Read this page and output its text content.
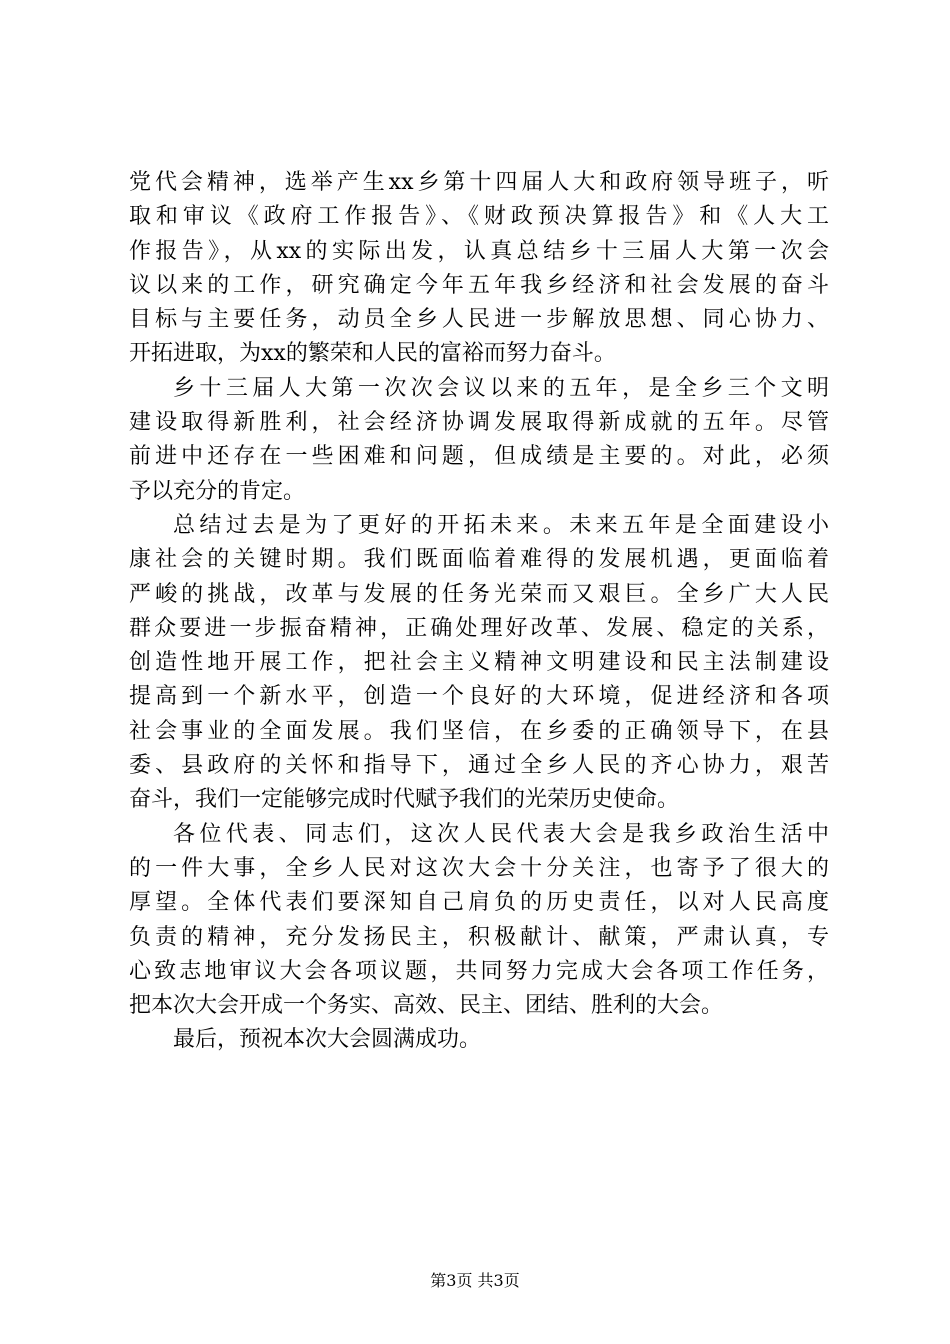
党代会精神，选举产生xx乡第十四届人大和政府领导班子，听
取和审议《政府工作报告》、《财政预决算报告》和《人大工
作报告》，从xx的实际出发，认真总结乡十三届人大第一次会
议以来的工作，研究确定今年五年我乡经济和社会发展的奋斗
目标与主要任务，动员全乡人民进一步解放思想、同心协力、
开拓进取，为xx的繁荣和人民的富裕而努力奋斗。
乡十三届人大第一次次会议以来的五年，是全乡三个文明
建设取得新胜利，社会经济协调发展取得新成就的五年。尽管
前进中还存在一些困难和问题，但成绩是主要的。对此，必须
予以充分的肯定。
总结过去是为了更好的开拓未来。未来五年是全面建设小
康社会的关键时期。我们既面临着难得的发展机遇，更面临着
严峻的挑战，改革与发展的任务光荣而又艰巨。全乡广大人民
群众要进一步振奋精神，正确处理好改革、发展、稳定的关系，
创造性地开展工作，把社会主义精神文明建设和民主法制建设
提高到一个新水平，创造一个良好的大环境，促进经济和各项
社会事业的全面发展。我们坚信，在乡委的正确领导下，在县
委、县政府的关怀和指导下，通过全乡人民的齐心协力，艰苦
奋斗，我们一定能够完成时代赋予我们的光荣历史使命。
各位代表、同志们，这次人民代表大会是我乡政治生活中
的一件大事，全乡人民对这次大会十分关注，也寄予了很大的
厚望。全体代表们要深知自己肩负的历史责任，以对人民高度
负责的精神，充分发扬民主，积极献计、献策，严肃认真，专
心致志地审议大会各项议题，共同努力完成大会各项工作任务，
把本次大会开成一个务实、高效、民主、团结、胜利的大会。
最后，预祝本次大会圆满成功。
第3页 共3页
